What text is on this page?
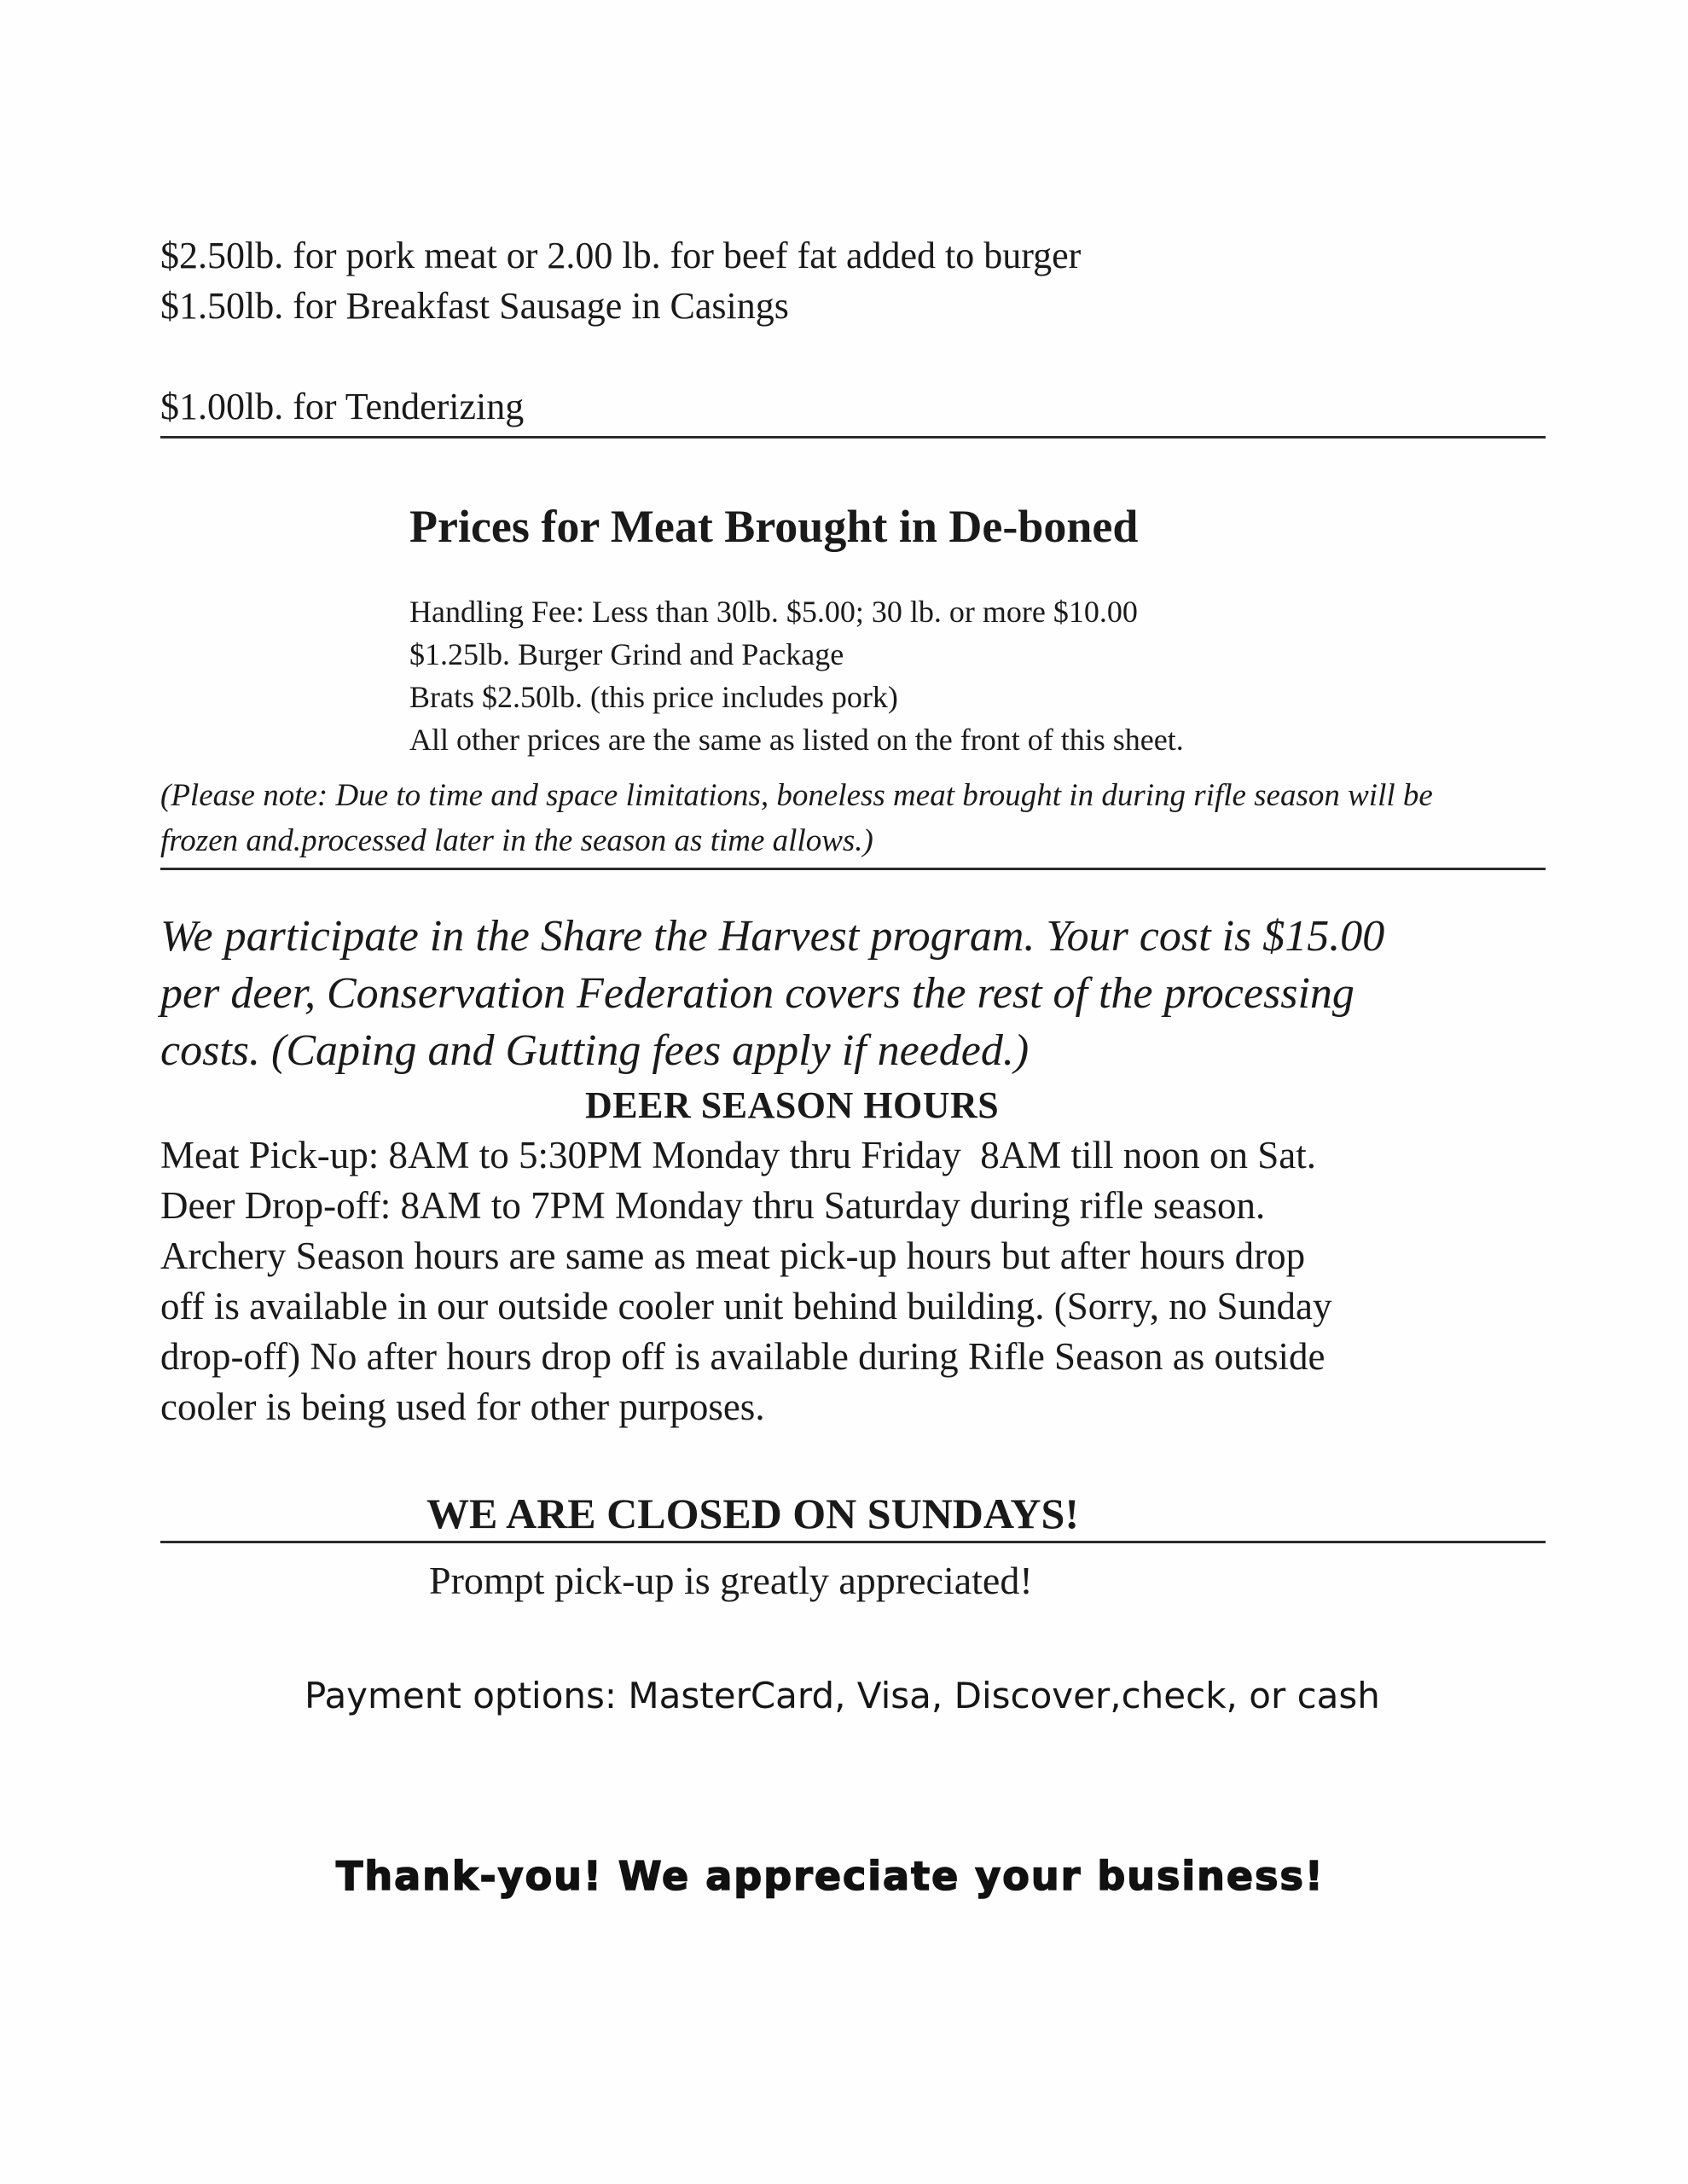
$2.50lb. for pork meat or 2.00 lb. for beef fat added to burger
$1.50lb. for Breakfast Sausage in Casings
$1.00lb. for Tenderizing
Prices for Meat Brought in De-boned
Handling Fee: Less than 30lb. $5.00; 30 lb. or more $10.00
$1.25lb. Burger Grind and Package
Brats $2.50lb. (this price includes pork)
All other prices are the same as listed on the front of this sheet.
(Please note: Due to time and space limitations, boneless meat brought in during rifle season will be
frozen and.processed later in the season as time allows.)
We participate in the Share the Harvest program. Your cost is $15.00
per deer, Conservation Federation covers the rest of the processing
costs. (Caping and Gutting fees apply if needed.)
DEER SEASON HOURS
Meat Pick-up: 8AM to 5:30PM Monday thru Friday  8AM till noon on Sat.
Deer Drop-off: 8AM to 7PM Monday thru Saturday during rifle season.
Archery Season hours are same as meat pick-up hours but after hours drop
off is available in our outside cooler unit behind building. (Sorry, no Sunday
drop-off) No after hours drop off is available during Rifle Season as outside
cooler is being used for other purposes.
WE ARE CLOSED ON SUNDAYS!
Prompt pick-up is greatly appreciated!
Payment options: MasterCard, Visa, Discover,check, or cash
Thank-you! We appreciate your business!
